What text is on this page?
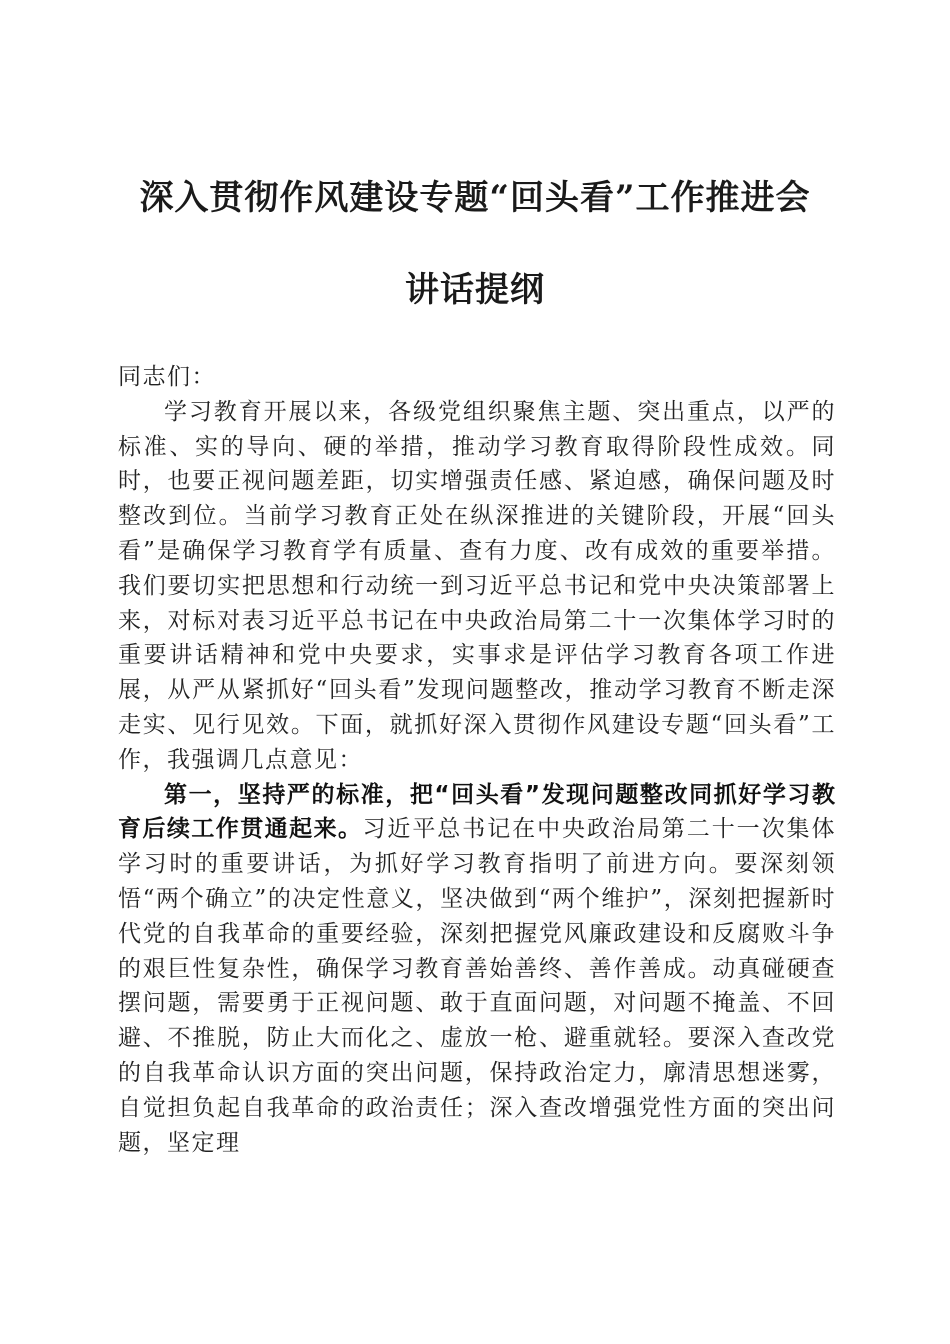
深入贯彻作风建设专题“回头看”工作推进会
讲话提纲

同志们：

学习教育开展以来，各级党组织聚焦主题、突出重点，以严的标准、实的导向、硬的举措，推动学习教育取得阶段性成效。同时，也要正视问题差距，切实增强责任感、紧迫感，确保问题及时整改到位。当前学习教育正处在纵深推进的关键阶段，开展“回头看”是确保学习教育学有质量、查有力度、改有成效的重要举措。我们要切实把思想和行动统一到习近平总书记和党中央决策部署上来，对标对表习近平总书记在中央政治局第二十一次集体学习时的重要讲话精神和党中央要求，实事求是评估学习教育各项工作进展，从严从紧抓好“回头看”发现问题整改，推动学习教育不断走深走实、见行见效。下面，就抓好深入贯彻作风建设专题“回头看”工作，我强调几点意见：

第一，坚持严的标准，把“回头看”发现问题整改同抓好学习教育后续工作贯通起来。习近平总书记在中央政治局第二十一次集体学习时的重要讲话，为抓好学习教育指明了前进方向。要深刻领悟“两个确立”的决定性意义，坚决做到“两个维护”，深刻把握新时代党的自我革命的重要经验，深刻把握党风廉政建设和反腐败斗争的艰巨性复杂性，确保学习教育善始善终、善作善成。动真碰硬查摆问题，需要勇于正视问题、敢于直面问题，对问题不掩盖、不回避、不推脱，防止大而化之、虚放一枪、避重就轻。要深入查改党的自我革命认识方面的突出问题，保持政治定力，廓清思想迷雾，自觉担负起自我革命的政治责任；深入查改增强党性方面的突出问题，坚定理
